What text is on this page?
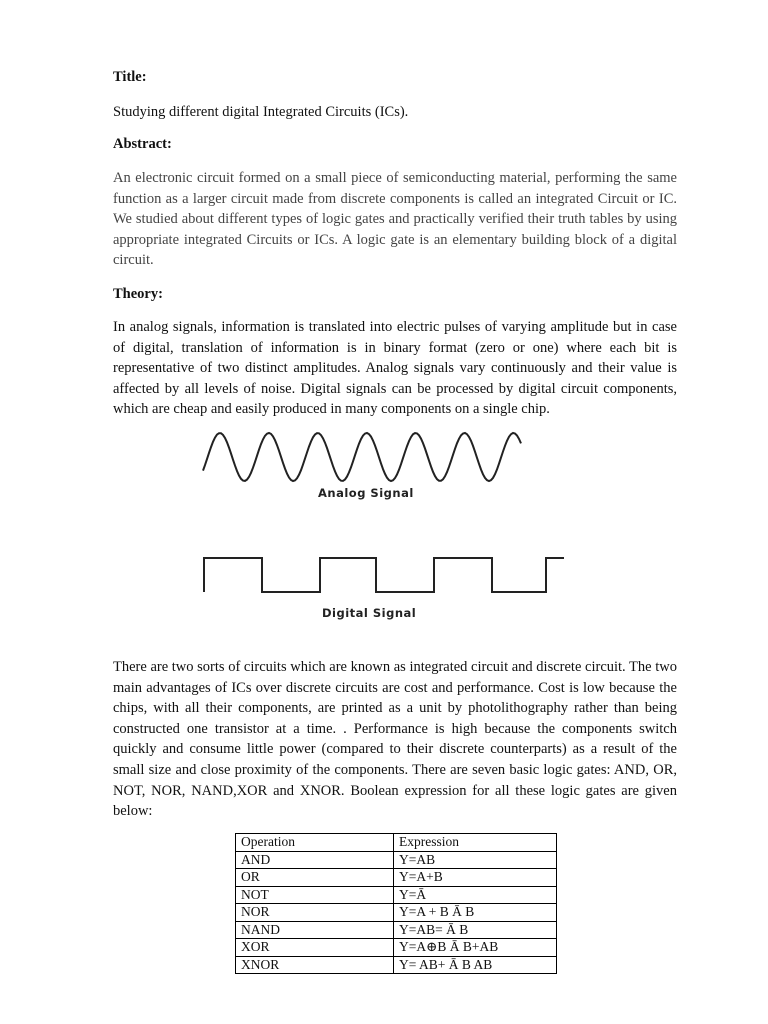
Title:

Studying different digital Integrated Circuits (ICs).

Abstract:

An electronic circuit formed on a small piece of semiconducting material, performing the same function as a larger circuit made from discrete components is called an integrated Circuit or IC. We studied about different types of logic gates and practically verified their truth tables by using appropriate integrated Circuits or ICs. A logic gate is an elementary building block of a digital circuit.

Theory:

In analog signals, information is translated into electric pulses of varying amplitude but in case of digital, translation of information is in binary format (zero or one) where each bit is representative of two distinct amplitudes. Analog signals vary continuously and their value is affected by all levels of noise. Digital signals can be processed by digital circuit components, which are cheap and easily produced in many components on a single chip.

There are two sorts of circuits which are known as integrated circuit and discrete circuit. The two main advantages of ICs over discrete circuits are cost and performance. Cost is low because the chips, with all their components, are printed as a unit by photolithography rather than being constructed one transistor at a time. . Performance is high because the components switch quickly and consume little power (compared to their discrete counterparts) as a result of the small size and close proximity of the components. There are seven basic logic gates: AND, OR, NOT, NOR, NAND,XOR and XNOR. Boolean expression for all these logic gates are given below:

Analog Signal
Digital Signal
Operation	Expression
AND	Y=AB
OR	Y=A+B
NOT	Y=Ā
NOR	Y=A + B Ā B
NAND	Y=AB= Ā B
XOR	Y=A⊕B Ā B+AB
XNOR	Y= AB+ Ā B AB
